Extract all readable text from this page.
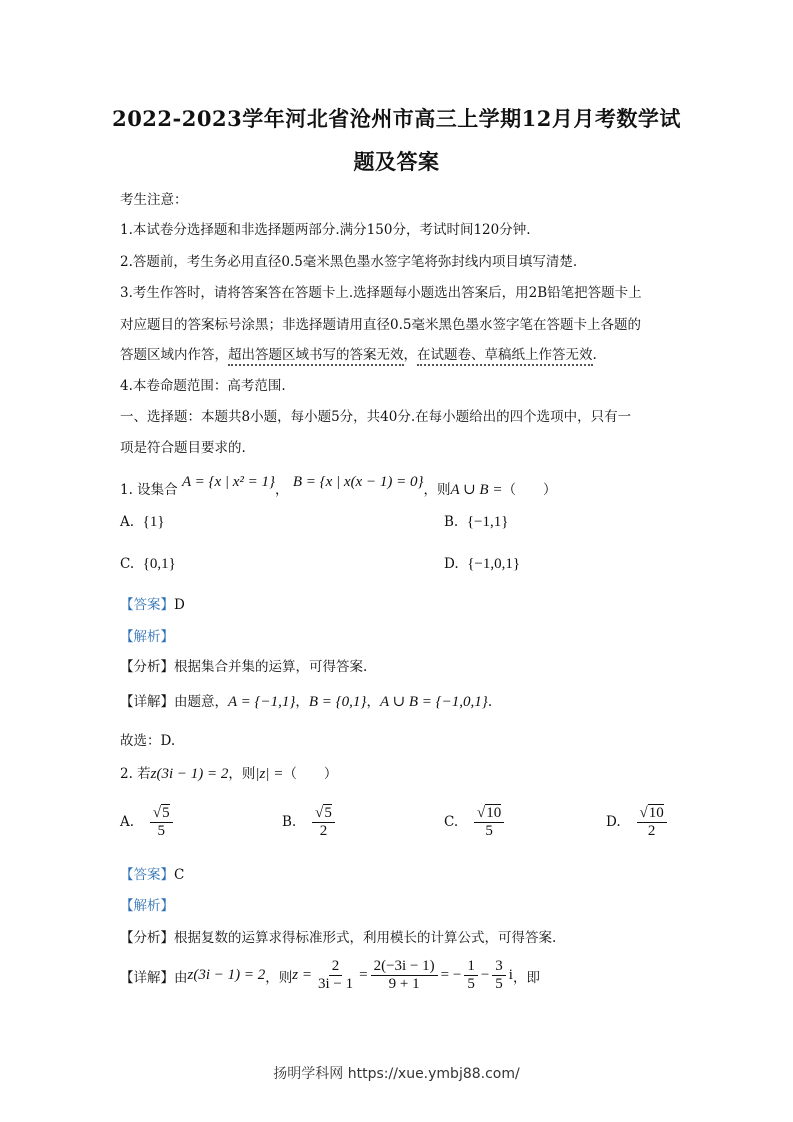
2022-2023学年河北省沧州市高三上学期12月月考数学试
题及答案
考生注意：
1.本试卷分选择题和非选择题两部分.满分150分，考试时间120分钟.
2.答题前，考生务必用直径0.5毫米黑色墨水签字笔将弥封线内项目填写清楚.
3.考生作答时，请将答案答在答题卡上.选择题每小题选出答案后，用2B铅笔把答题卡上
对应题目的答案标号涂黑；非选择题请用直径0.5毫米黑色墨水签字笔在答题卡上各题的
答题区域内作答，超出答题区域书写的答案无效，在试题卷、草稿纸上作答无效.
4.本卷命题范围：高考范围.
一、选择题：本题共8小题，每小题5分，共40分.在每小题给出的四个选项中，只有一
项是符合题目要求的.
1. 设集合 A = {x | x² = 1}， B = {x | x(x − 1) = 0}，则A ∪ B =（　　）
A. {1}	B. {−1,1}
C. {0,1}	D. {−1,0,1}
【答案】D
【解析】
【分析】根据集合并集的运算，可得答案.
【详解】由题意，A = {−1,1}，B = {0,1}，A ∪ B = {−1,0,1}.
故选：D.
2. 若z(3i − 1) = 2，则|z| =（　　）
A. $\frac{√5}{5}$	B. $\frac{√5}{2}$	C. $\frac{√10}{5}$	D. $\frac{√10}{2}$
【答案】C
【解析】
【分析】根据复数的运算求得标准形式，利用模长的计算公式，可得答案.
【详解】 由 z(3i − 1) = 2 ，则 $z = \frac{2}{3i - 1} = \frac{2(-3i - 1)}{9 + 1}$ = − $\frac{1}{5} - \frac{3}{5}$ i ，即
扬明学科网 https://xue.ymbj88.com/
